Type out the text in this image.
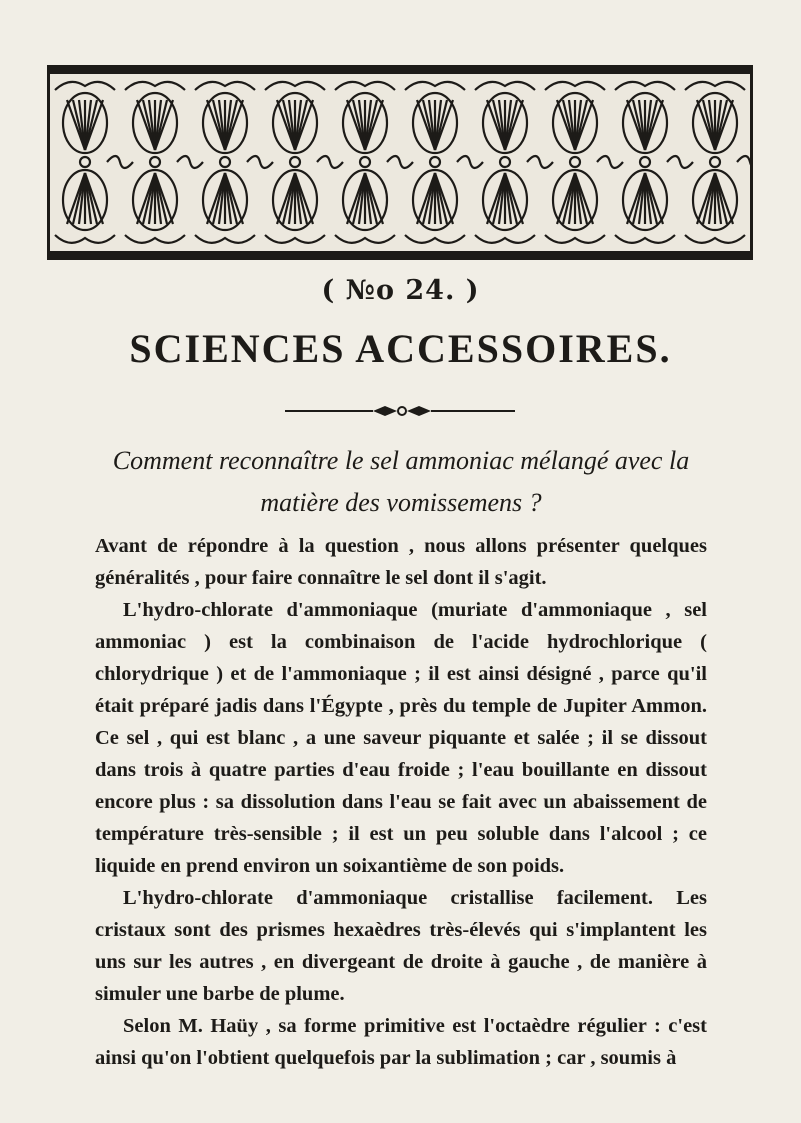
( №o 24. )
SCIENCES ACCESSOIRES.
Comment reconnaître le sel ammoniac mélangé avec la matière des vomissemens ?

Avant de répondre à la question , nous allons présenter quelques généralités , pour faire connaître le sel dont il s'agit.

L'hydro-chlorate d'ammoniaque (muriate d'ammoniaque , sel ammoniac ) est la combinaison de l'acide hydrochlorique ( chlorydrique ) et de l'ammoniaque ; il est ainsi désigné , parce qu'il était préparé jadis dans l'Égypte , près du temple de Jupiter Ammon. Ce sel , qui est blanc , a une saveur piquante et salée ; il se dissout dans trois à quatre parties d'eau froide ; l'eau bouillante en dissout encore plus : sa dissolution dans l'eau se fait avec un abaissement de température très-sensible ; il est un peu soluble dans l'alcool ; ce liquide en prend environ un soixantième de son poids.

L'hydro-chlorate d'ammoniaque cristallise facilement. Les cristaux sont des prismes hexaèdres très-élevés qui s'implantent les uns sur les autres , en divergeant de droite à gauche , de manière à simuler une barbe de plume.

Selon M. Haüy , sa forme primitive est l'octaèdre régulier : c'est ainsi qu'on l'obtient quelquefois par la sublimation ; car , soumis à
